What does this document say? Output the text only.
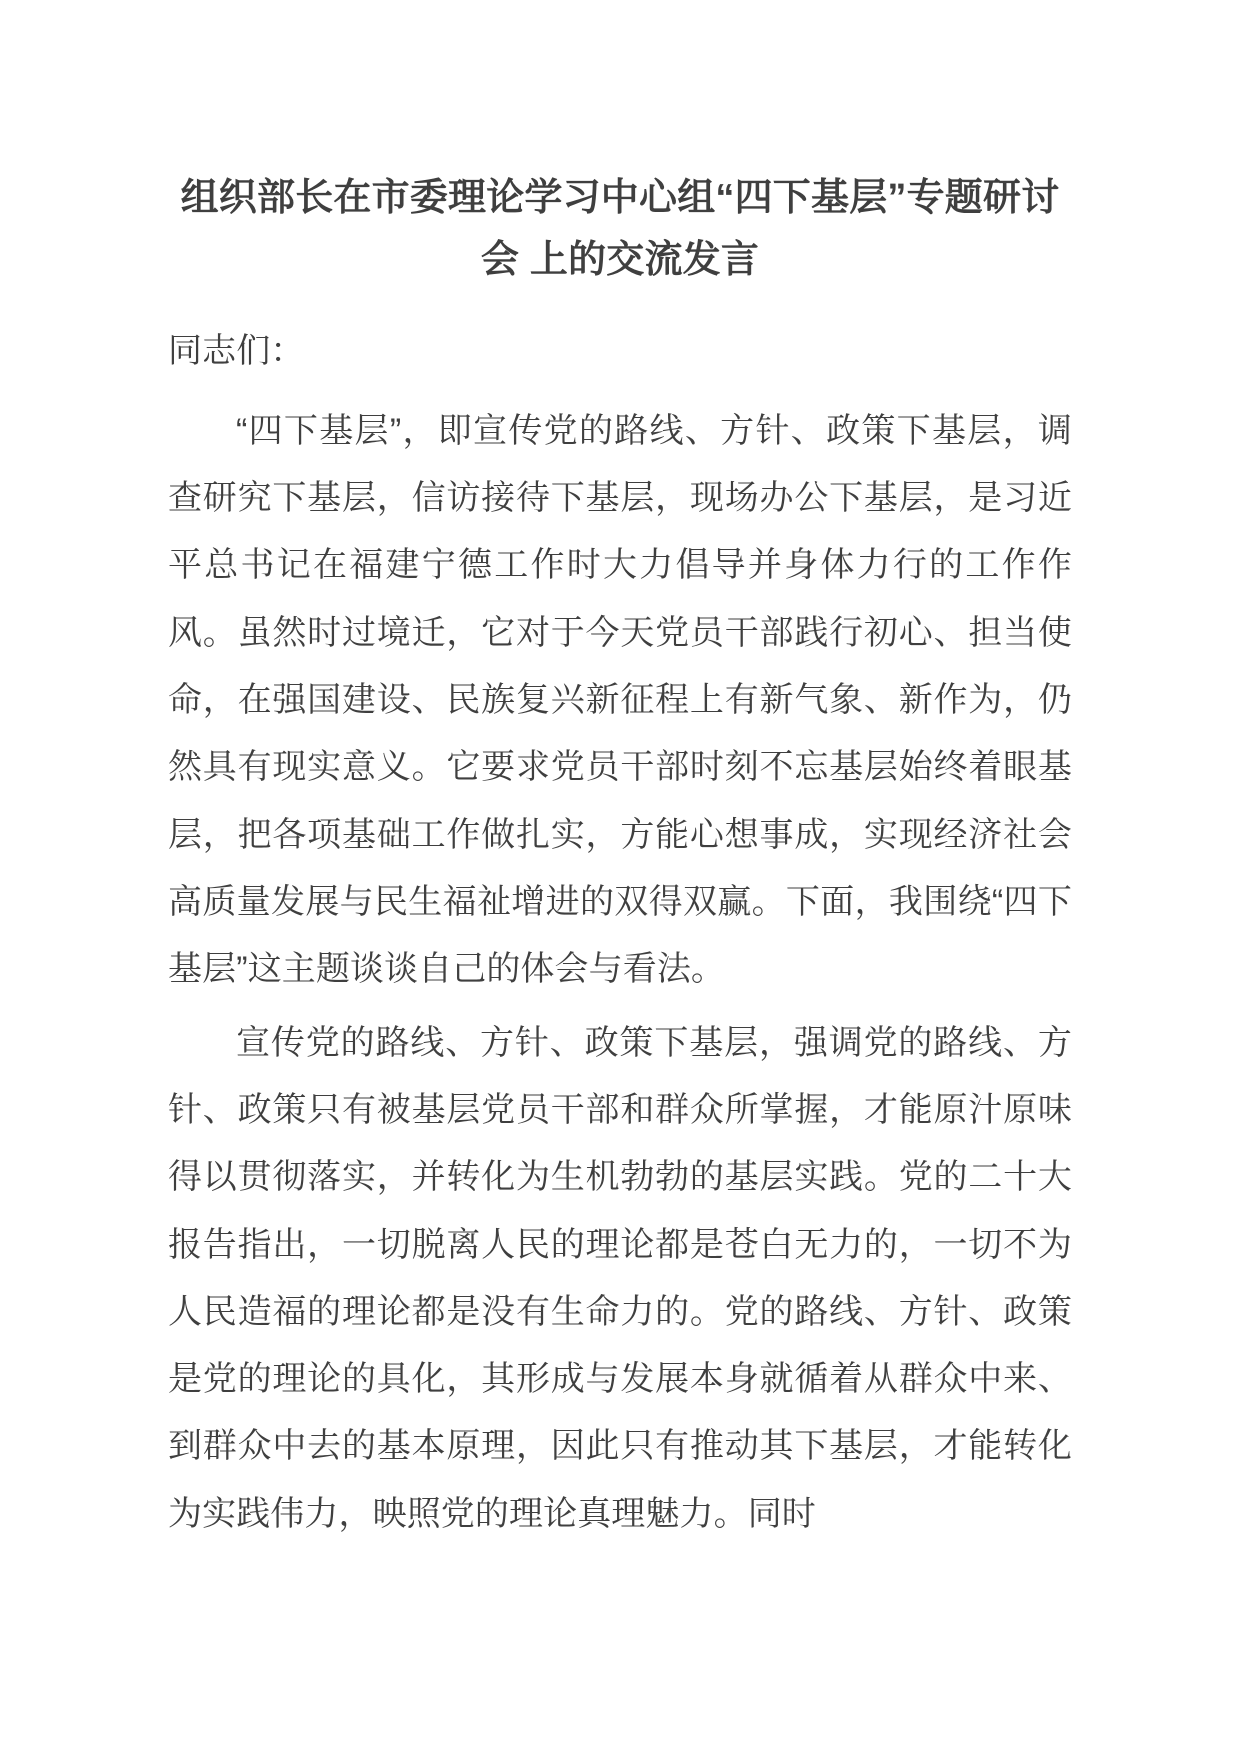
组织部长在市委理论学习中心组“四下基层”专题研讨会 上的交流发言

同志们：

“四下基层”，即宣传党的路线、方针、政策下基层，调查研究下基层，信访接待下基层，现场办公下基层，是习近平总书记在福建宁德工作时大力倡导并身体力行的工作作风。虽然时过境迁，它对于今天党员干部践行初心、担当使命，在强国建设、民族复兴新征程上有新气象、新作为，仍然具有现实意义。它要求党员干部时刻不忘基层始终着眼基层，把各项基础工作做扎实，方能心想事成，实现经济社会高质量发展与民生福祉增进的双得双赢。下面，我围绕“四下基层”这主题谈谈自己的体会与看法。

宣传党的路线、方针、政策下基层，强调党的路线、方针、政策只有被基层党员干部和群众所掌握，才能原汁原味得以贯彻落实，并转化为生机勃勃的基层实践。党的二十大报告指出，一切脱离人民的理论都是苍白无力的，一切不为人民造福的理论都是没有生命力的。党的路线、方针、政策是党的理论的具化，其形成与发展本身就循着从群众中来、到群众中去的基本原理，因此只有推动其下基层，才能转化为实践伟力，映照党的理论真理魅力。同时
